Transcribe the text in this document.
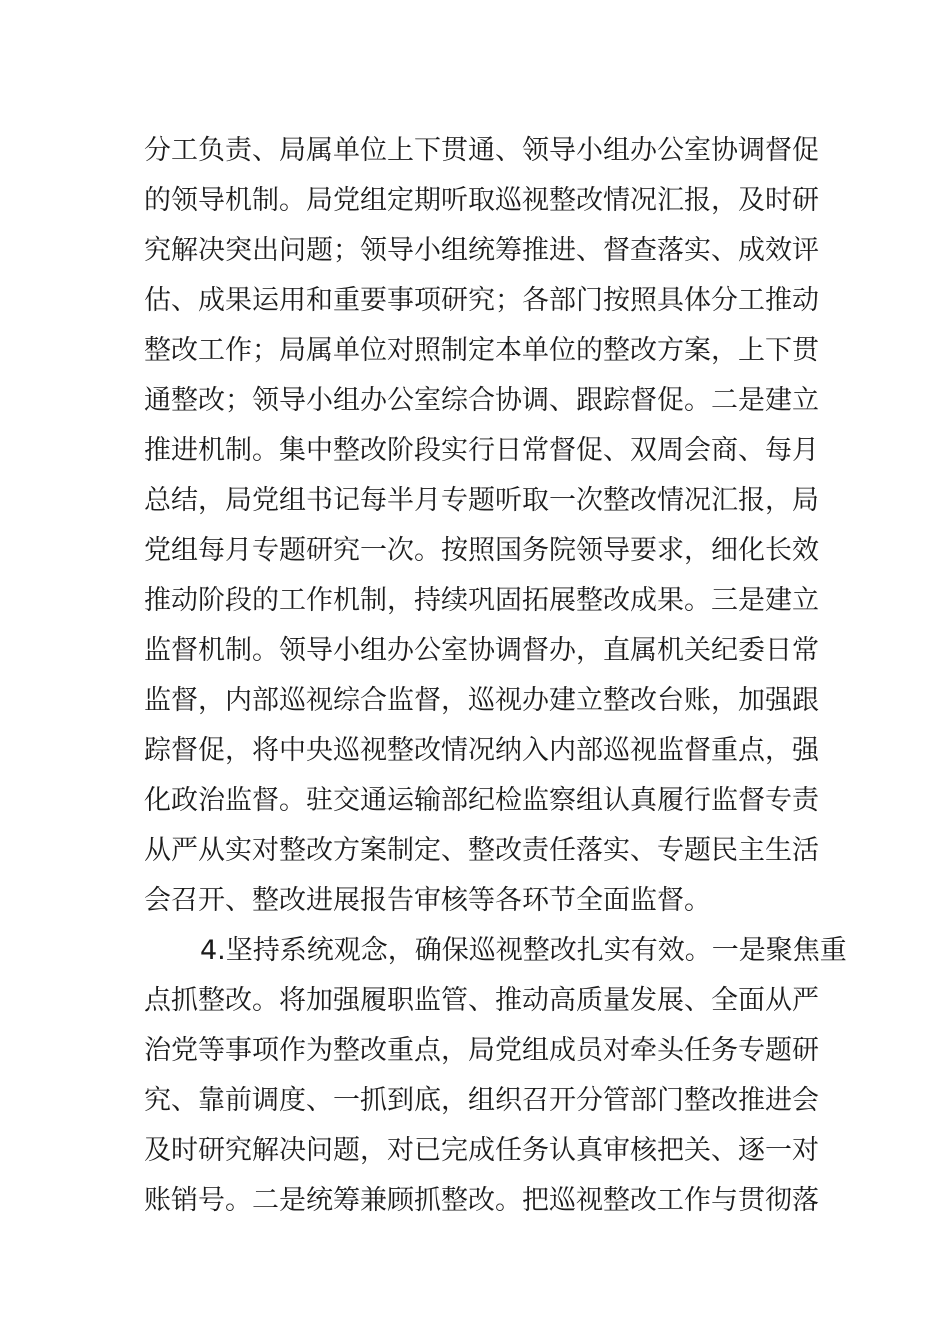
分工负责、局属单位上下贯通、领导小组办公室协调督促
的领导机制。局党组定期听取巡视整改情况汇报，及时研
究解决突出问题；领导小组统筹推进、督查落实、成效评
估、成果运用和重要事项研究；各部门按照具体分工推动
整改工作；局属单位对照制定本单位的整改方案，上下贯
通整改；领导小组办公室综合协调、跟踪督促。二是建立
推进机制。集中整改阶段实行日常督促、双周会商、每月
总结，局党组书记每半月专题听取一次整改情况汇报，局
党组每月专题研究一次。按照国务院领导要求，细化长效
推动阶段的工作机制，持续巩固拓展整改成果。三是建立
监督机制。领导小组办公室协调督办，直属机关纪委日常
监督，内部巡视综合监督，巡视办建立整改台账，加强跟
踪督促，将中央巡视整改情况纳入内部巡视监督重点，强
化政治监督。驻交通运输部纪检监察组认真履行监督专责
从严从实对整改方案制定、整改责任落实、专题民主生活
会召开、整改进展报告审核等各环节全面监督。
4.坚持系统观念，确保巡视整改扎实有效。一是聚焦重
点抓整改。将加强履职监管、推动高质量发展、全面从严
治党等事项作为整改重点，局党组成员对牵头任务专题研
究、靠前调度、一抓到底，组织召开分管部门整改推进会
及时研究解决问题，对已完成任务认真审核把关、逐一对
账销号。二是统筹兼顾抓整改。把巡视整改工作与贯彻落
